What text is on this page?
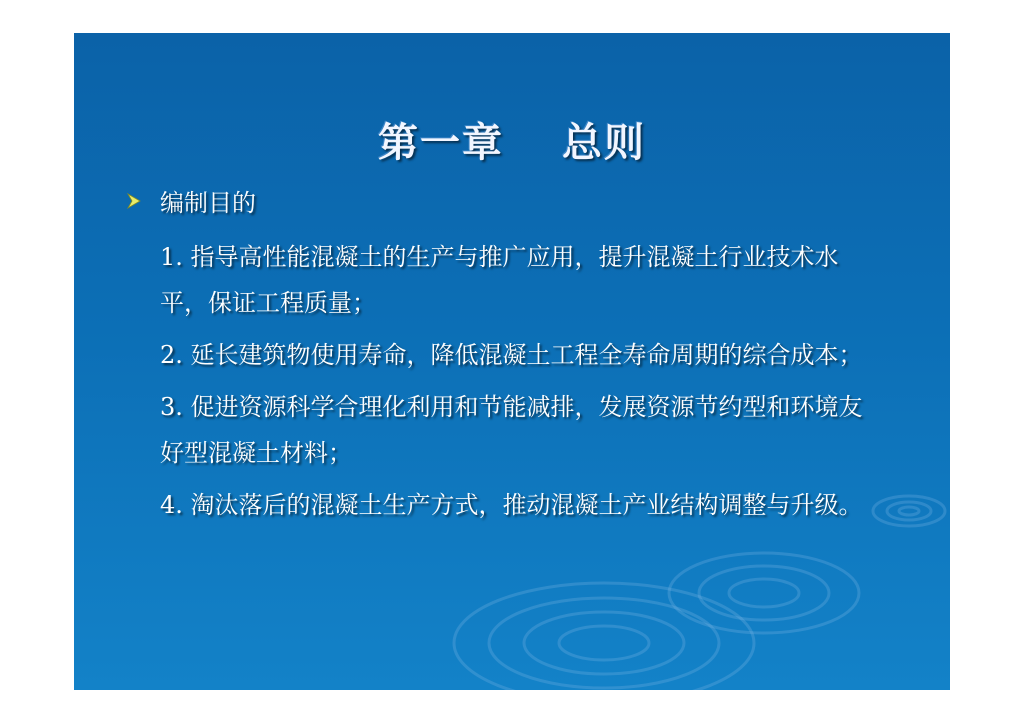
第一章　 总则
编制目的
1. 指导高性能混凝土的生产与推广应用，提升混凝土行业技术水平，保证工程质量；
2. 延长建筑物使用寿命，降低混凝土工程全寿命周期的综合成本；
3. 促进资源科学合理化利用和节能减排，发展资源节约型和环境友好型混凝土材料；
4. 淘汰落后的混凝土生产方式，推动混凝土产业结构调整与升级。
